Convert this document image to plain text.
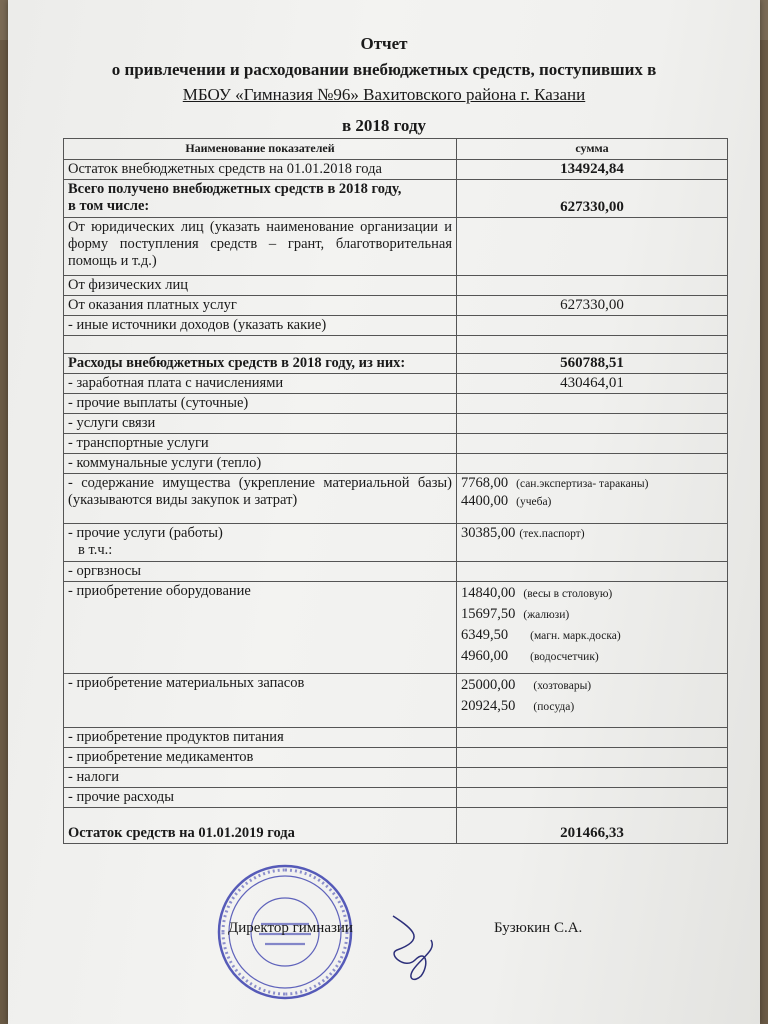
Отчет
о привлечении и расходовании внебюджетных средств, поступивших в
МБОУ «Гимназия №96» Вахитовского района г. Казани
в 2018 году
Наименование показателей	сумма
Остаток внебюджетных средств на 01.01.2018 года	134924,84

Всего получено внебюджетных средств в 2018 году,
в том числе:	627330,00
От юридических лиц (указать наименование организации и форму поступления средств – грант, благотворительная помощь и т.д.)	
От физических лиц	
От оказания платных услуг	627330,00
- иные источники доходов (указать какие)	

Расходы внебюджетных средств в 2018 году, из них:	560788,51
- заработная плата с начислениями	430464,01
- прочие выплаты (суточные)	
- услуги связи	
- транспортные услуги	
- коммунальные услуги (тепло)	
- содержание имущества (укрепление материальной базы) (указываются виды закупок и затрат)	7768,00 (сан.экспертиза- тараканы)
4400,00 (учеба)

- прочие услуги (работы)
в т.ч.:	30385,00 (тех.паспорт)

- оргвзносы	
- приобретение оборудование	14840,00 (весы в столовую)
15697,50 (жалюзи)
6349,50 (магн. марк.доска)
4960,00 (водосчетчик)

- приобретение материальных запасов	25000,00 (хозтовары)
20924,50 (посуда)

- приобретение продуктов питания	
- приобретение медикаментов	
- налоги	
- прочие расходы	
Остаток средств на 01.01.2019 года	201466,33
Директор гимназии	Бузюкин С.А.
